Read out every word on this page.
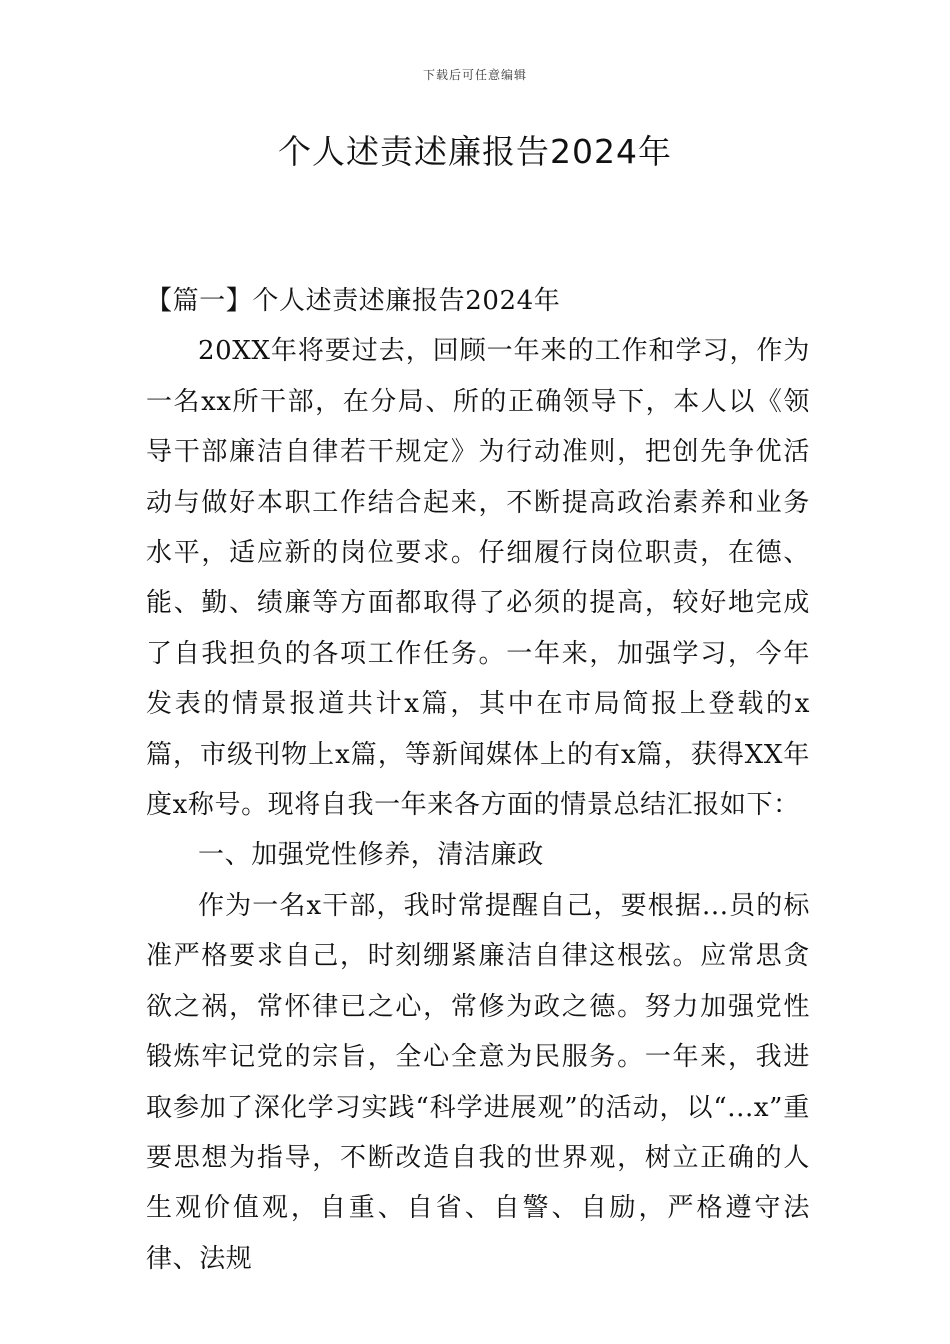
下载后可任意编辑
个人述责述廉报告2024年

【篇一】个人述责述廉报告2024年

20XX年将要过去，回顾一年来的工作和学习，作为一名xx所干部，在分局、所的正确领导下，本人以《领导干部廉洁自律若干规定》为行动准则，把创先争优活动与做好本职工作结合起来，不断提高政治素养和业务水平，适应新的岗位要求。仔细履行岗位职责，在德、能、勤、绩廉等方面都取得了必须的提高，较好地完成了自我担负的各项工作任务。一年来，加强学习，今年发表的情景报道共计x篇，其中在市局简报上登载的x篇，市级刊物上x篇，等新闻媒体上的有x篇，获得XX年度x称号。现将自我一年来各方面的情景总结汇报如下：

一、加强党性修养，清洁廉政

作为一名x干部，我时常提醒自己，要根据...员的标准严格要求自己，时刻绷紧廉洁自律这根弦。应常思贪欲之祸，常怀律已之心，常修为政之德。努力加强党性锻炼牢记党的宗旨，全心全意为民服务。一年来，我进取参加了深化学习实践“科学进展观”的活动，以“...x”重要思想为指导，不断改造自我的世界观，树立正确的人生观价值观，自重、自省、自警、自励，严格遵守法律、法规
